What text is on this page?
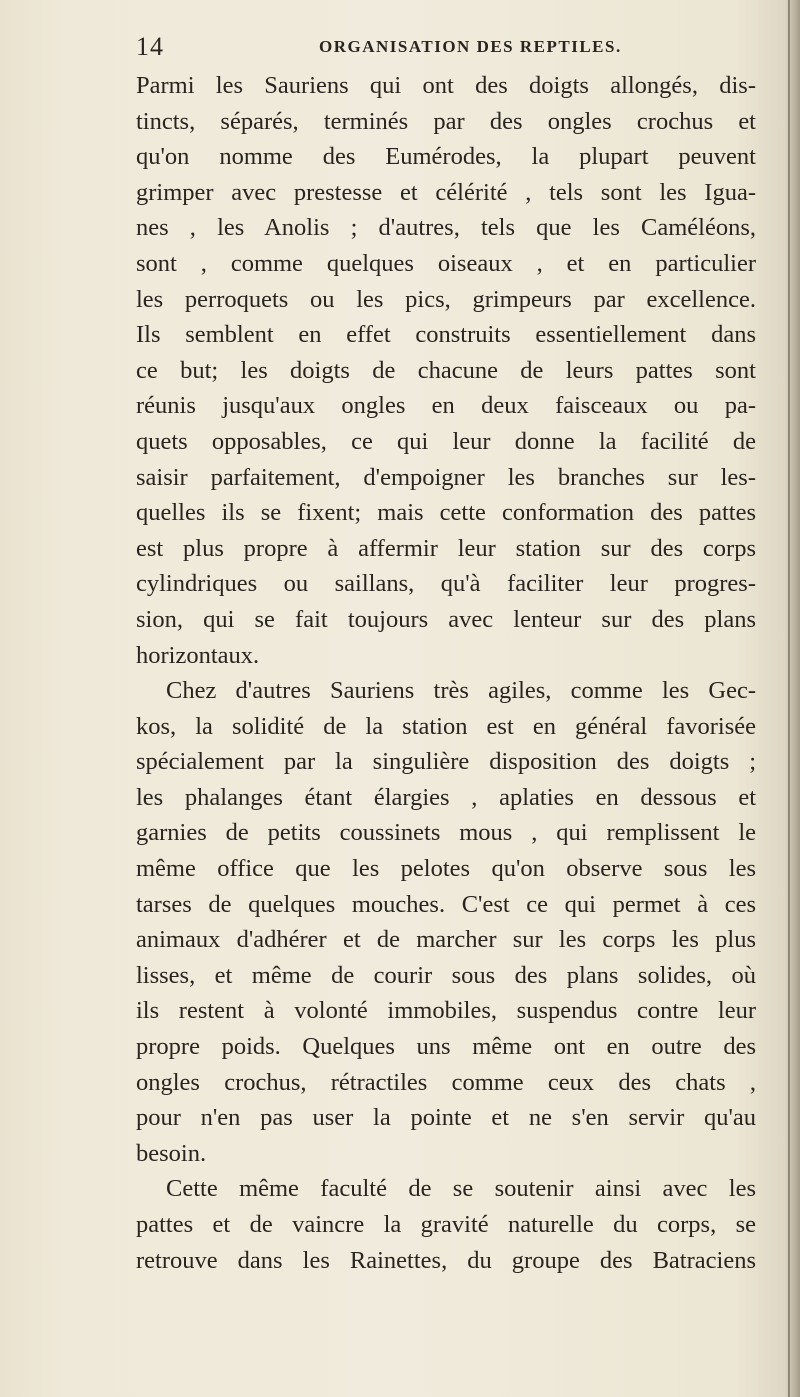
14	ORGANISATION DES REPTILES.
Parmi les Sauriens qui ont des doigts allongés, dis-
tincts, séparés, terminés par des ongles crochus et
qu'on nomme des Eumérodes, la plupart peuvent
grimper avec prestesse et célérité , tels sont les Igua-
nes , les Anolis ; d'autres, tels que les Caméléons,
sont , comme quelques oiseaux , et en particulier
les perroquets ou les pics, grimpeurs par excellence.
Ils semblent en effet construits essentiellement dans
ce but; les doigts de chacune de leurs pattes sont
réunis jusqu'aux ongles en deux faisceaux ou pa-
quets opposables, ce qui leur donne la facilité de
saisir parfaitement, d'empoigner les branches sur les-
quelles ils se fixent; mais cette conformation des pattes
est plus propre à affermir leur station sur des corps
cylindriques ou saillans, qu'à faciliter leur progres-
sion, qui se fait toujours avec lenteur sur des plans
horizontaux.
Chez d'autres Sauriens très agiles, comme les Gec-
kos, la solidité de la station est en général favorisée
spécialement par la singulière disposition des doigts ;
les phalanges étant élargies , aplaties en dessous et
garnies de petits coussinets mous , qui remplissent le
même office que les pelotes qu'on observe sous les
tarses de quelques mouches. C'est ce qui permet à ces
animaux d'adhérer et de marcher sur les corps les plus
lisses, et même de courir sous des plans solides, où
ils restent à volonté immobiles, suspendus contre leur
propre poids. Quelques uns même ont en outre des
ongles crochus, rétractiles comme ceux des chats ,
pour n'en pas user la pointe et ne s'en servir qu'au
besoin.
Cette même faculté de se soutenir ainsi avec les
pattes et de vaincre la gravité naturelle du corps, se
retrouve dans les Rainettes, du groupe des Batraciens
